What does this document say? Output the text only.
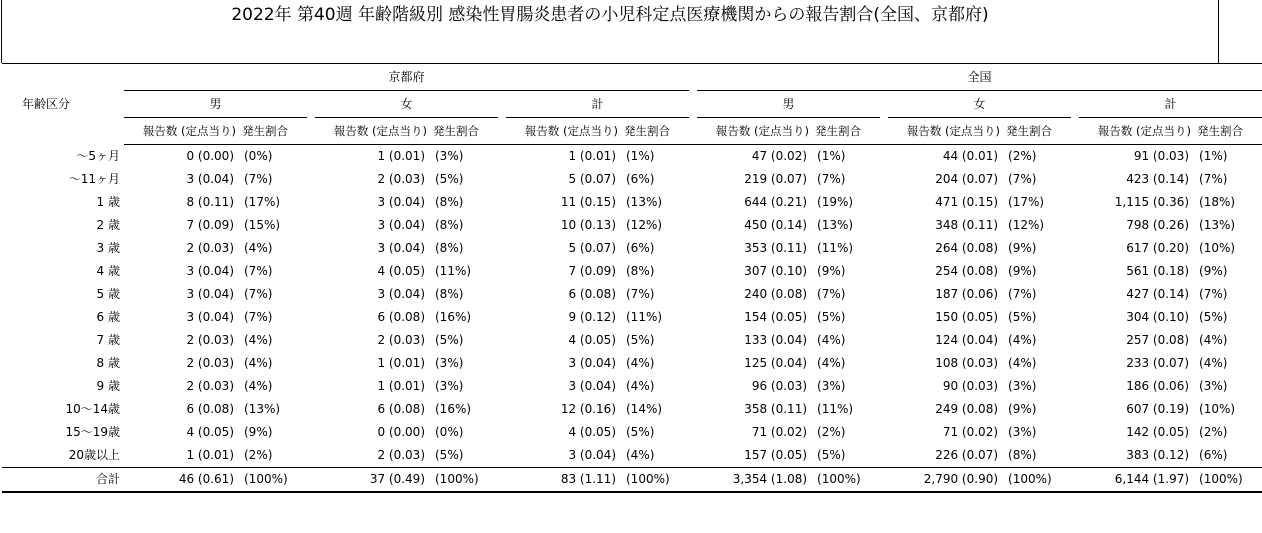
2022年 第40週 年齢階級別 感染性胃腸炎患者の小児科定点医療機関からの報告割合(全国、京都府)
年齢区分	京都府									全国							
	男			女			計			男			女			計	
	報告数 (定点当り)	発生割合		報告数 (定点当り)	発生割合		報告数 (定点当り)	発生割合		報告数 (定点当り)	発生割合		報告数 (定点当り)	発生割合		報告数 (定点当り)	発生割合
〜5ヶ月	0 (0.00)	(0%)		1 (0.01)	(3%)		1 (0.01)	(1%)		47 (0.02)	(1%)		44 (0.01)	(2%)		91 (0.03)	(1%)
〜11ヶ月	3 (0.04)	(7%)		2 (0.03)	(5%)		5 (0.07)	(6%)		219 (0.07)	(7%)		204 (0.07)	(7%)		423 (0.14)	(7%)
1 歳	8 (0.11)	(17%)		3 (0.04)	(8%)		11 (0.15)	(13%)		644 (0.21)	(19%)		471 (0.15)	(17%)		1,115 (0.36)	(18%)
2 歳	7 (0.09)	(15%)		3 (0.04)	(8%)		10 (0.13)	(12%)		450 (0.14)	(13%)		348 (0.11)	(12%)		798 (0.26)	(13%)
3 歳	2 (0.03)	(4%)		3 (0.04)	(8%)		5 (0.07)	(6%)		353 (0.11)	(11%)		264 (0.08)	(9%)		617 (0.20)	(10%)
4 歳	3 (0.04)	(7%)		4 (0.05)	(11%)		7 (0.09)	(8%)		307 (0.10)	(9%)		254 (0.08)	(9%)		561 (0.18)	(9%)
5 歳	3 (0.04)	(7%)		3 (0.04)	(8%)		6 (0.08)	(7%)		240 (0.08)	(7%)		187 (0.06)	(7%)		427 (0.14)	(7%)
6 歳	3 (0.04)	(7%)		6 (0.08)	(16%)		9 (0.12)	(11%)		154 (0.05)	(5%)		150 (0.05)	(5%)		304 (0.10)	(5%)
7 歳	2 (0.03)	(4%)		2 (0.03)	(5%)		4 (0.05)	(5%)		133 (0.04)	(4%)		124 (0.04)	(4%)		257 (0.08)	(4%)
8 歳	2 (0.03)	(4%)		1 (0.01)	(3%)		3 (0.04)	(4%)		125 (0.04)	(4%)		108 (0.03)	(4%)		233 (0.07)	(4%)
9 歳	2 (0.03)	(4%)		1 (0.01)	(3%)		3 (0.04)	(4%)		96 (0.03)	(3%)		90 (0.03)	(3%)		186 (0.06)	(3%)
10〜14歳	6 (0.08)	(13%)		6 (0.08)	(16%)		12 (0.16)	(14%)		358 (0.11)	(11%)		249 (0.08)	(9%)		607 (0.19)	(10%)
15〜19歳	4 (0.05)	(9%)		0 (0.00)	(0%)		4 (0.05)	(5%)		71 (0.02)	(2%)		71 (0.02)	(3%)		142 (0.05)	(2%)
20歳以上	1 (0.01)	(2%)		2 (0.03)	(5%)		3 (0.04)	(4%)		157 (0.05)	(5%)		226 (0.07)	(8%)		383 (0.12)	(6%)
合計	46 (0.61)	(100%)		37 (0.49)	(100%)		83 (1.11)	(100%)		3,354 (1.08)	(100%)		2,790 (0.90)	(100%)		6,144 (1.97)	(100%)
